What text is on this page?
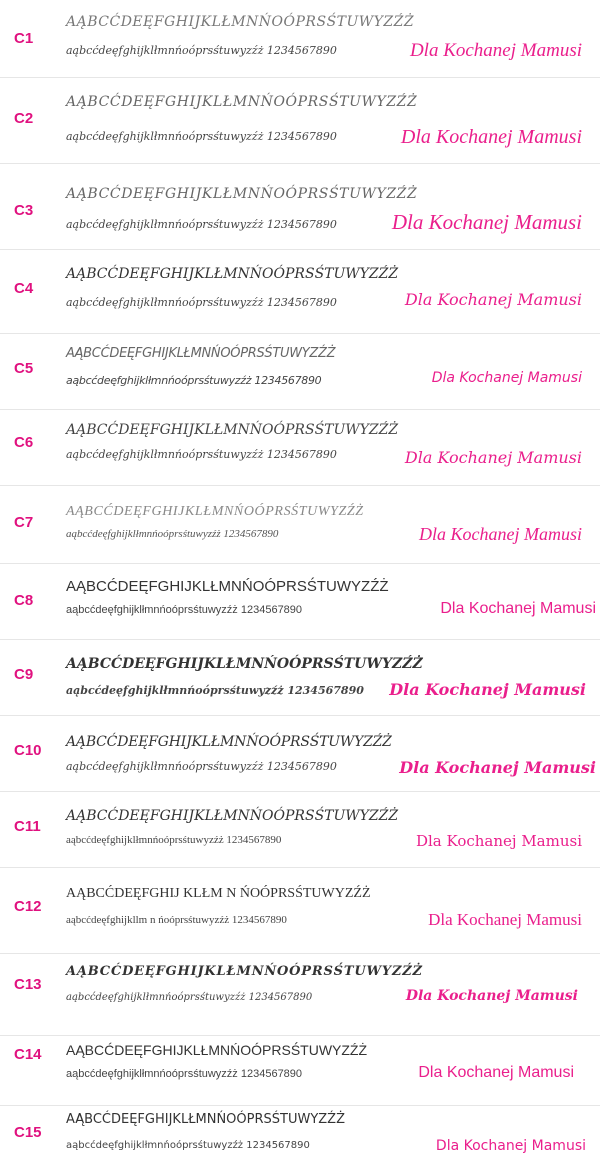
C1
AĄBCĆDEĘFGHIJKLŁMNŃOÓPRSŚTUWYZŹŻ
aąbcćdeęfghijklłmnńoóprsśtuwyzźż 1234567890	Dla Kochanej Mamusi
C2
AĄBCĆDEĘFGHIJKLŁMNŃOÓPRSŚTUWYZŹŻ
aąbcćdeęfghijklłmnńoóprsśtuwyzźż 1234567890	Dla Kochanej Mamusi
C3
AĄBCĆDEĘFGHIJKLŁMNŃOÓPRSŚTUWYZŹŻ
aąbcćdeęfghijklłmnńoóprsśtuwyzźż 1234567890	Dla Kochanej Mamusi
C4
AĄBCĆDEĘFGHIJKLŁMNŃOÓPRSŚTUWYZŹŻ
aąbcćdeęfghijklłmnńoóprsśtuwyzźż 1234567890	Dla Kochanej Mamusi
C5
AĄBCĆDEĘFGHIJKLŁMNŃOÓPRSŚTUWYZŹŻ
aąbcćdeęfghijklłmnńoóprsśtuwyzźż 1234567890	Dla Kochanej Mamusi
C6
AĄBCĆDEĘFGHIJKLŁMNŃOÓPRSŚTUWYZŹŻ
aąbcćdeęfghijklłmnńoóprsśtuwyzźż 1234567890	Dla Kochanej Mamusi
C7
AĄBCĆDEĘFGHIJKLŁMNŃOÓPRSŚTUWYZŹŻ
aąbcćdeęfghijklłmnńoóprsśtuwyzźż 1234567890	Dla Kochanej Mamusi
C8
AĄBCĆDEĘFGHIJKLŁMNŃOÓPRSŚTUWYZŹŻ
aąbcćdeęfghijklłmnńoóprsśtuwyzźż 1234567890	Dla Kochanej Mamusi
C9
AĄBCĆDEĘFGHIJKLŁMNŃOÓPRSŚTUWYZŹŻ
aąbcćdeęfghijklłmnńoóprsśtuwyzźż 1234567890 Dla Kochanej Mamusi
C10 AĄBCĆDEĘFGHIJKLŁMNŃOÓPRSŚTUWYZŹŻ
aąbcćdeęfghijklłmnńoóprsśtuwyzźż 1234567890	Dla Kochanej Mamusi
C11
AĄBCĆDEĘFGHIJKLŁMNŃOÓPRSŚTUWYZŹŻ
aąbcćdeęfghijklłmnńoóprsśtuwyzźż 1234567890	Dla Kochanej Mamusi
C12
AĄBCĆDEĘFGHIJ KLŁM N ŃOÓPRSŚTUWYZŹŻ
aąbcćdeęfghijkllm n ńoóprsśtuwyzźż 1234567890	Dla Kochanej Mamusi
C13
AĄBCĆDEĘFGHIJKLŁMNŃOÓPRSŚTUWYZŹŻ
aąbcćdeęfghijklłmnńoóprsśtuwyzźż 1234567890	Dla Kochanej Mamusi
C14 AĄBCĆDEĘFGHIJKLŁMNŃOÓPRSŚTUWYZŹŻ
aąbcćdeęfghijklłmnńoóprsśtuwyzźż 1234567890	Dla Kochanej Mamusi
C15
AĄBCĆDEĘFGHIJKLŁMNŃOÓPRSŚTUWYZŹŻ
aąbcćdeęfghijklłmnńoóprsśtuwyzźż 1234567890	Dla Kochanej Mamusi
